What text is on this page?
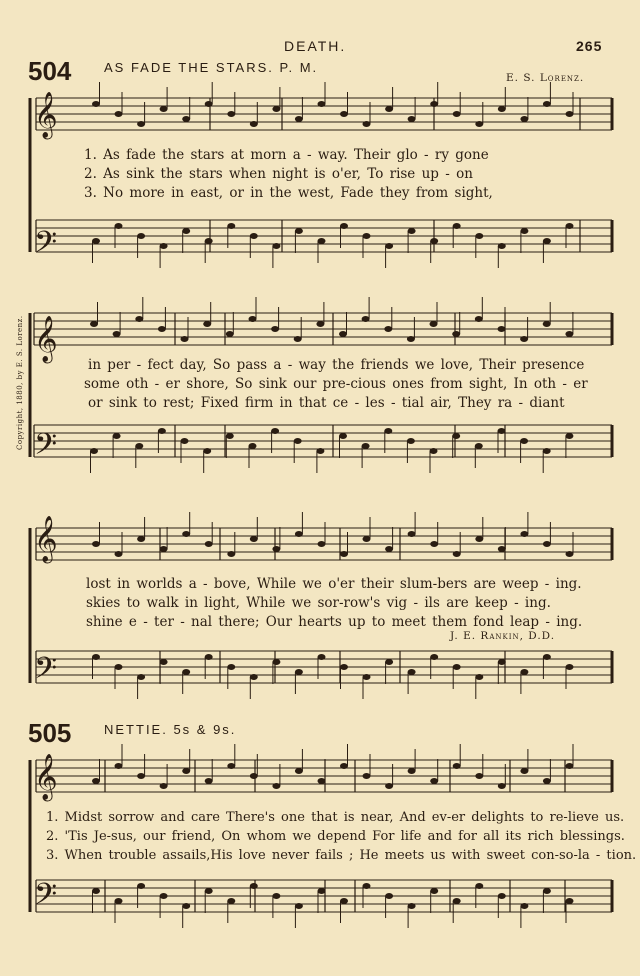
DEATH.	265
Copyright, 1880, by E. S. Lorenz.
504	AS FADE THE STARS. P. M.
E. S. Lorenz.
𝄞
𝄢
𝄞
𝄢
𝄞
𝄢
𝄞
𝄢
1. As fade the stars at morn a - way. Their glo - ry gone
2. As sink the stars when night is o'er, To rise up - on
3. No more in east, or in the west, Fade they from sight,
in per - fect day, So pass a - way the friends we love, Their presence
some oth - er shore, So sink our pre-cious ones from sight, In oth - er
or sink to rest; Fixed firm in that ce - les - tial air, They ra - diant
lost in worlds a - bove, While we o'er their slum-bers are weep - ing.
skies to walk in light, While we sor-row's vig - ils are keep - ing.
shine e - ter - nal there; Our hearts up to meet them fond leap - ing.
J. E. Rankin, D.D.
505	NETTIE. 5s & 9s.
1. Midst sorrow and care There's one that is near, And ev-er delights to re-lieve us.
2. 'Tis Je-sus, our friend, On whom we depend For life and for all its rich blessings.
3. When trouble assails,His love never fails ; He meets us with sweet con-so-la - tion.
